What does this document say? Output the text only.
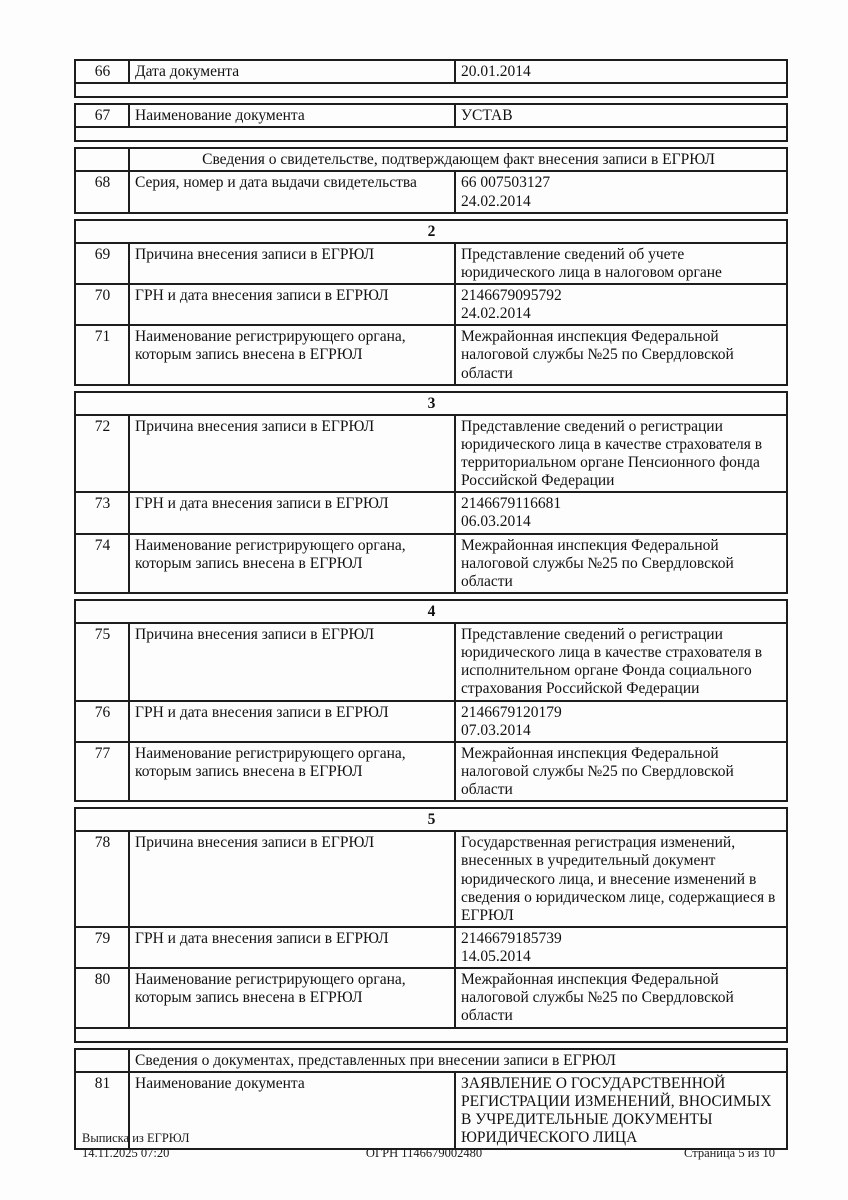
66	Дата документа	20.01.2014

67	Наименование документа	УСТАВ

	Сведения о свидетельстве, подтверждающем факт внесения записи в ЕГРЮЛ	
68	Серия, номер и дата выдачи свидетельства	66 007503127
24.02.2014
2		
69	Причина внесения записи в ЕГРЮЛ	Представление сведений об учете юридического лица в налоговом органе

70	ГРН и дата внесения записи в ЕГРЮЛ	2146679095792
24.02.2014

71	Наименование регистрирующего органа, которым запись внесена в ЕГРЮЛ	Межрайонная инспекция Федеральной налоговой службы №25 по Свердловской области
3		
72	Причина внесения записи в ЕГРЮЛ	Представление сведений о регистрации юридического лица в качестве страхователя в территориальном органе Пенсионного фонда Российской Федерации

73	ГРН и дата внесения записи в ЕГРЮЛ	2146679116681
06.03.2014

74	Наименование регистрирующего органа, которым запись внесена в ЕГРЮЛ	Межрайонная инспекция Федеральной налоговой службы №25 по Свердловской области
4		
75	Причина внесения записи в ЕГРЮЛ	Представление сведений о регистрации юридического лица в качестве страхователя в исполнительном органе Фонда социального страхования Российской Федерации

76	ГРН и дата внесения записи в ЕГРЮЛ	2146679120179
07.03.2014

77	Наименование регистрирующего органа, которым запись внесена в ЕГРЮЛ	Межрайонная инспекция Федеральной налоговой службы №25 по Свердловской области
5		
78	Причина внесения записи в ЕГРЮЛ	Государственная регистрация изменений, внесенных в учредительный документ юридического лица, и внесение изменений в сведения о юридическом лице, содержащиеся в ЕГРЮЛ

79	ГРН и дата внесения записи в ЕГРЮЛ	2146679185739
14.05.2014

80	Наименование регистрирующего органа, которым запись внесена в ЕГРЮЛ	Межрайонная инспекция Федеральной налоговой службы №25 по Свердловской области

	Сведения о документах, представленных при внесении записи в ЕГРЮЛ	
81	Наименование документа	ЗАЯВЛЕНИЕ О ГОСУДАРСТВЕННОЙ РЕГИСТРАЦИИ ИЗМЕНЕНИЙ, ВНОСИМЫХ В УЧРЕДИТЕЛЬНЫЕ ДОКУМЕНТЫ ЮРИДИЧЕСКОГО ЛИЦА
Выписка из ЕГРЮЛ
14.11.2025 07:20	ОГРН 1146679002480	Страница 5 из 10
